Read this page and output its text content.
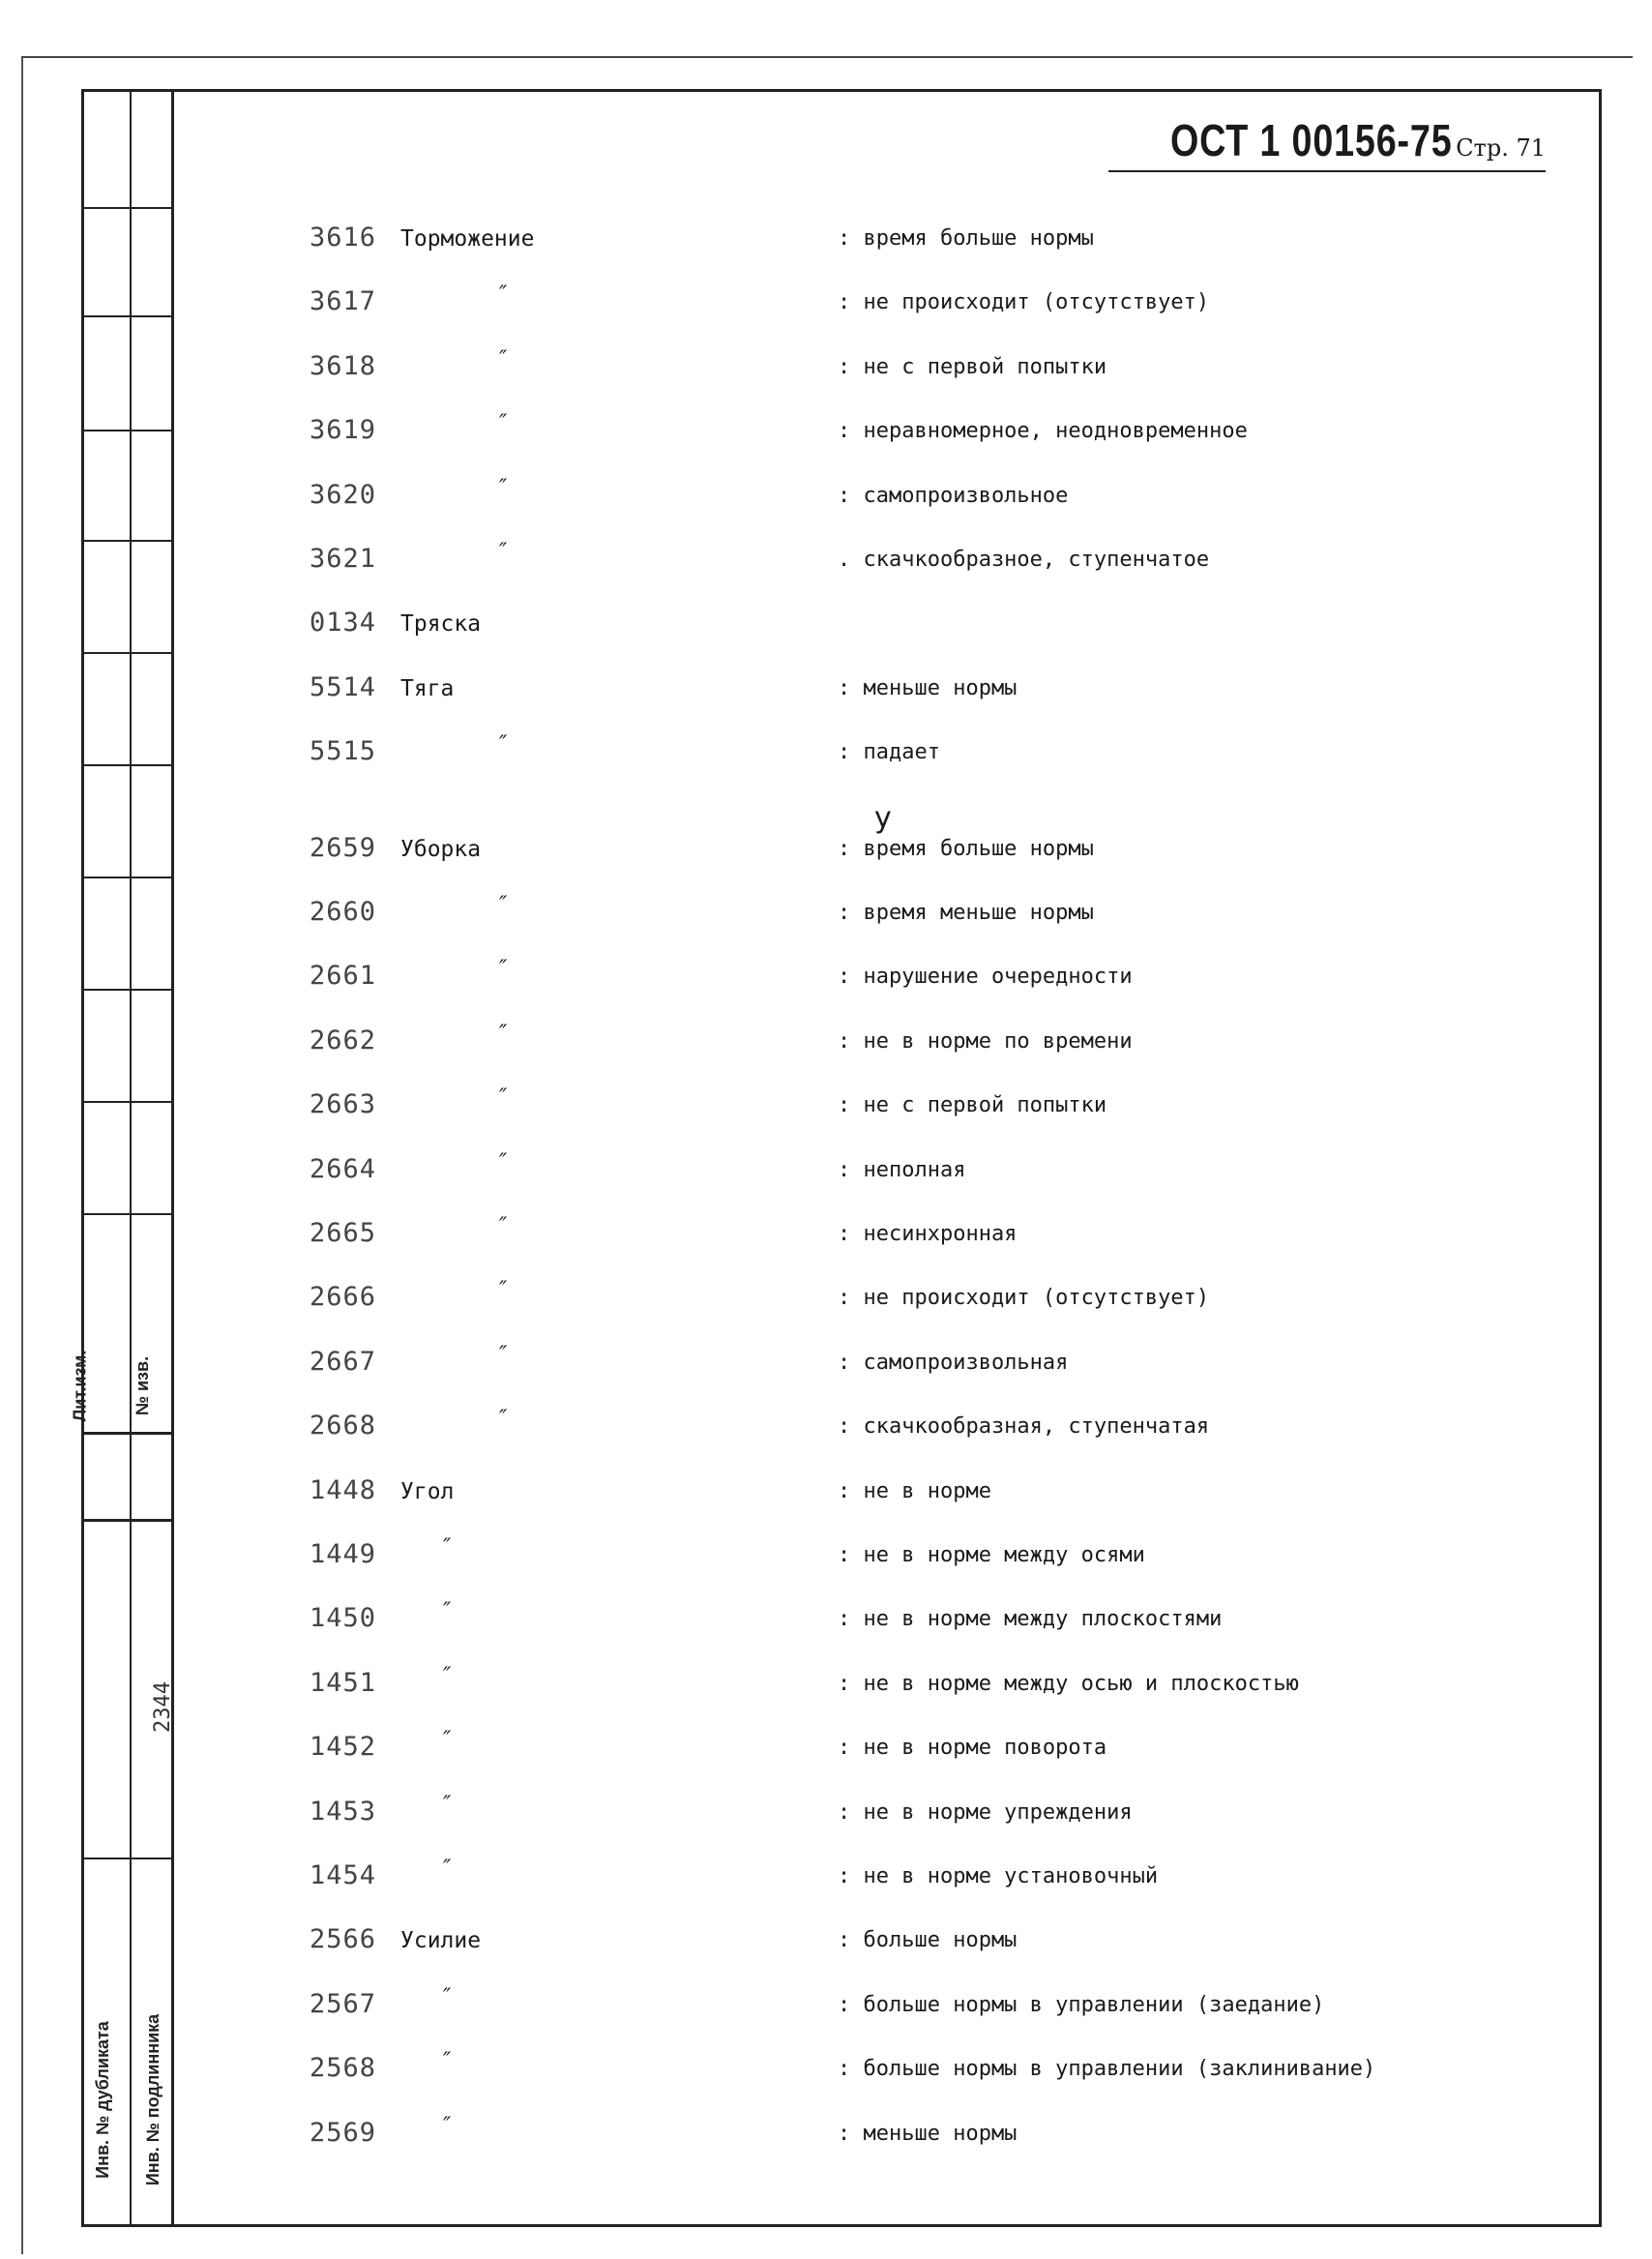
Лит.изм. № изв.
2344
Инв. № дубликата Инв. № подлинника
ОСТ 1 00156-75 Стр. 71
у
3616 Торможение	: время больше нормы
3617	″	: не происходит (отсутствует)
3618	″	: не с первой попытки
3619	″	: неравномерное, неодновременное
3620	″	: самопроизвольное
3621	″	. скачкообразное, ступенчатое
0134 Тряска
5514 Тяга	: меньше нормы
5515	″	: падает
2659 Уборка	: время больше нормы
2660	″	: время меньше нормы
2661	″	: нарушение очередности
2662	″	: не в норме по времени
2663	″	: не с первой попытки
2664	″	: неполная
2665	″	: несинхронная
2666	″	: не происходит (отсутствует)
2667	″	: самопроизвольная
2668	″	: скачкообразная, ступенчатая
1448 Угол	: не в норме
1449	″	: не в норме между осями
1450	″	: не в норме между плоскостями
1451	″	: не в норме между осью и плоскостью
1452	″	: не в норме поворота
1453	″	: не в норме упреждения
1454	″	: не в норме установочный
2566 Усилие	: больше нормы
2567	″	: больше нормы в управлении (заедание)
2568	″	: больше нормы в управлении (заклинивание)
2569	″	: меньше нормы
